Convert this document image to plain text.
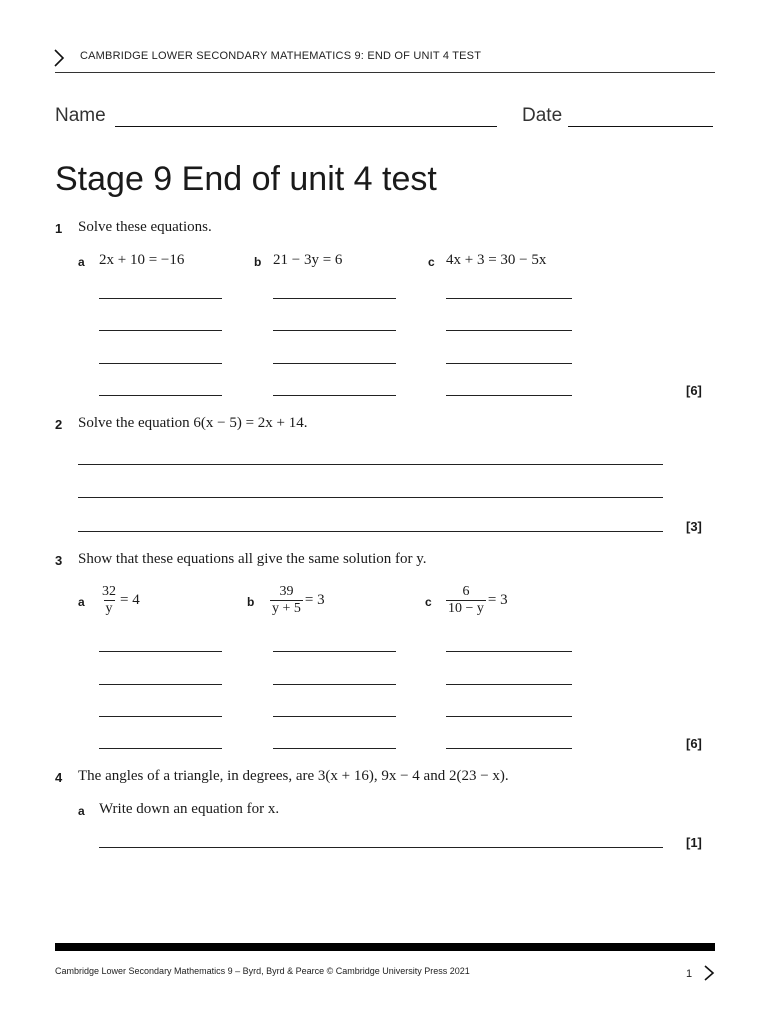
CAMBRIDGE LOWER SECONDARY MATHEMATICS 9: END OF UNIT 4 TEST
Name	Date
Stage 9 End of unit 4 test
1 Solve these equations.
a 2x + 10 = −16	b 21 − 3y = 6	c 4x + 3 = 30 − 5x
[6]
2 Solve the equation 6(x − 5) = 2x + 14.
[3]
3 Show that these equations all give the same solution for y.
a $\frac{32}{y} = 4$	b $\frac{39}{y + 5} = 3$	c $\frac{6}{10 - y} = 3$
[6]
4 The angles of a triangle, in degrees, are 3(x + 16), 9x − 4 and 2(23 − x).
a Write down an equation for x.
[1]
Cambridge Lower Secondary Mathematics 9 – Byrd, Byrd & Pearce © Cambridge University Press 2021	1
